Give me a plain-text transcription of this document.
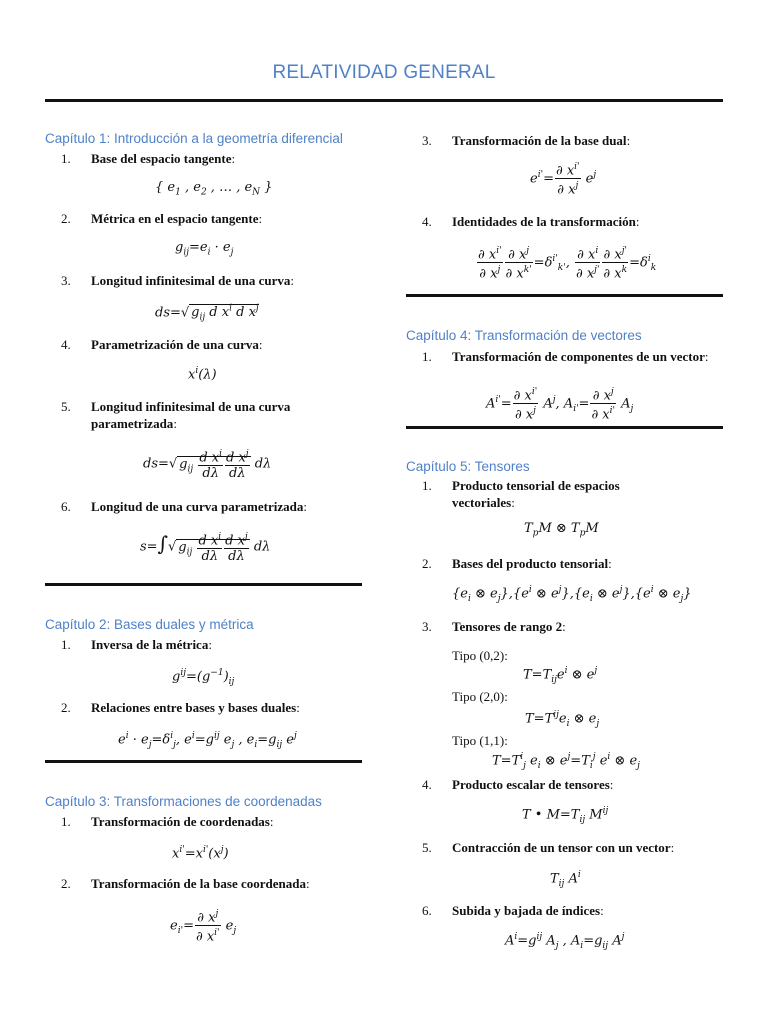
RELATIVIDAD GENERAL
Capítulo 1: Introducción a la geometría diferencial
1. Base del espacio tangente:
{ $e_1$ , $e_2$ , … , $e_N$ }
2. Métrica en el espacio tangente:
$g_{ij}=e_i \cdot e_j$
3. Longitud infinitesimal de una curva:
ds=√ $g_{ij}$ d $x^i$ d $x^j$
4. Parametrización de una curva:
$x^i(\lambda)$
5. Longitud infinitesimal de una curva parametrizada:
ds=√ $g_{ij} \frac{d x^i}{d\lambda} \frac{d x^j}{d\lambda}$ dλ
6. Longitud de una curva parametrizada:
s=∫√ $g_{ij} \frac{d x^i}{d\lambda} \frac{d x^j}{d\lambda}$ dλ
Capítulo 2: Bases duales y métrica
1. Inversa de la métrica:
$g^{ij}=(g^{-1})_{ij}$
2. Relaciones entre bases y bases duales:
$e^i \cdot e_j=\delta^i_j$, $e^i=g^{ij}$ $e_j$ , $e_i=g_{ij}$ $e^j$
Capítulo 3: Transformaciones de coordenadas
1. Transformación de coordenadas:
$x^{i'}=x^{i'}(x^j)$
2. Transformación de la base coordenada:
$e_{i'}= \frac{\partial x^j}{\partial x^{i'}} e_j$
3. Transformación de la base dual:
$e^{i'}= \frac{\partial x^{i'}}{\partial x^j} e^j$
4. Identidades de la transformación:
$\frac{\partial x^{i'}}{\partial x^j} \frac{\partial x^j}{\partial x^{k'}} =\delta^{i'}_{k'}$, $\frac{\partial x^i}{\partial x^{j'}} \frac{\partial x^{j'}}{\partial x^k} =\delta^i_k$
Capítulo 4: Transformación de vectores
1. Transformación de componentes de un vector:
$A^{i'}= \frac{\partial x^{i'}}{\partial x^j} A^j$, $A_{i'}= \frac{\partial x^j}{\partial x^{i'}} A_j$
Capítulo 5: Tensores
1. Producto tensorial de espacios vectoriales:
$T_pM$ ⊗ $T_pM$
2. Bases del producto tensorial:
{$e_i$ ⊗ $e_j\},\{e^i$ ⊗ $e^j\},\{e_i$ ⊗ $e^j\},\{e^i$ ⊗ $e_j$}
3. Tensores de rango 2:
Tipo (0,2):
$T=T_{ij}e^i$ ⊗ $e^j$
Tipo (2,0):
$T=T^{ij}e_i$ ⊗ $e_j$
Tipo (1,1):
$T=T^i_j$ $e_i$ ⊗ $e^j=T_i^j$ $e^i$ ⊗ $e_j$
4. Producto escalar de tensores:
T • $M=T_{ij}$ $M^{ij}$
5. Contracción de un tensor con un vector:
$T_{ij}$ $A^i$
6. Subida y bajada de índices:
$A^i=g^{ij}$ $A_j$ , $A_i=g_{ij}$ $A^j$
